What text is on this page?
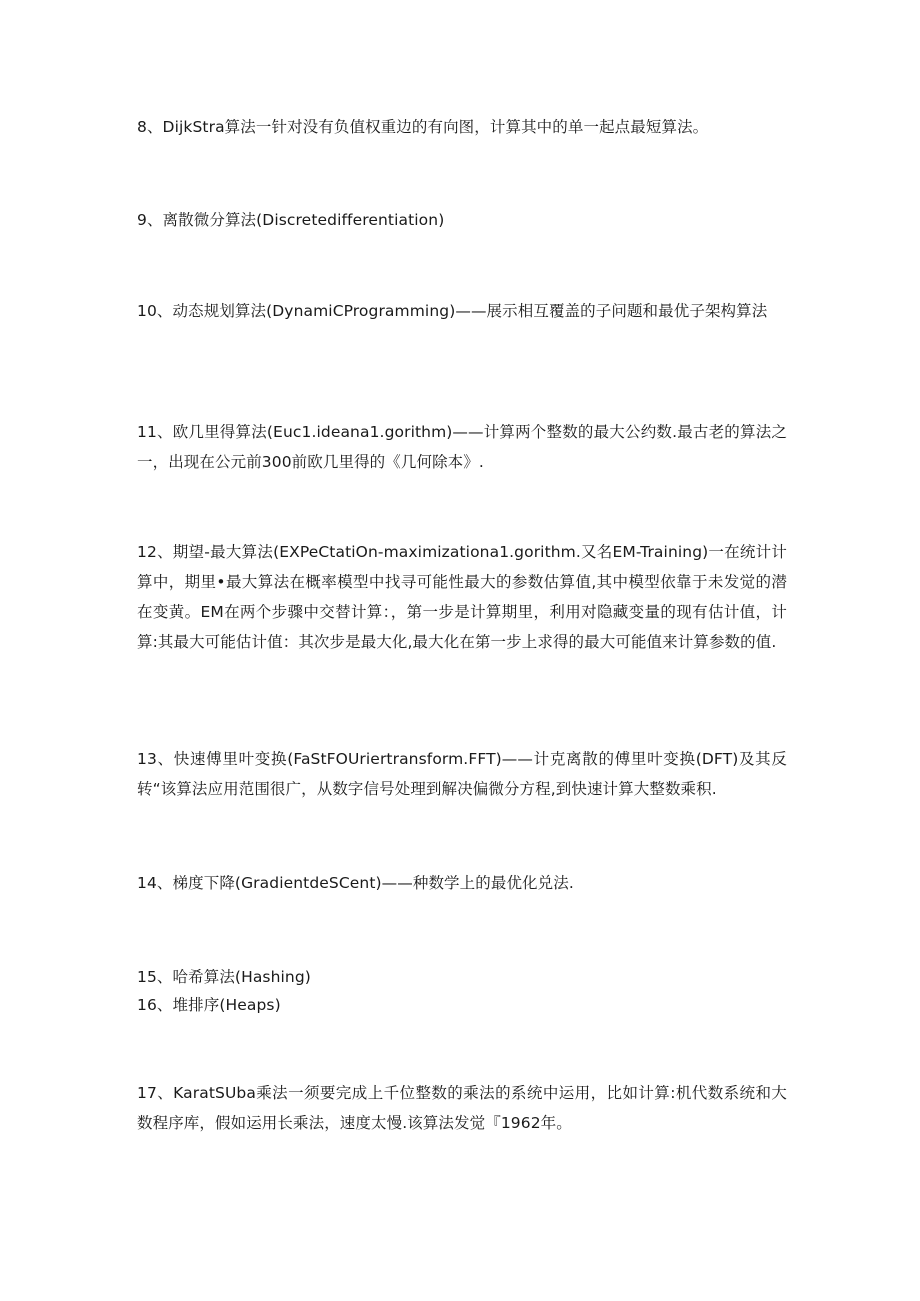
8、DijkStra算法一针对没有负值权重边的有向图，计算其中的单一起点最短算法。

9、离散微分算法(Discretedifferentiation)

10、动态规划算法(DynamiCProgramming)——展示相互覆盖的子问题和最优子架构算法

11、欧几里得算法(Euc1.ideana1.gorithm)——计算两个整数的最大公约数.最古老的算法之一，出现在公元前300前欧几里得的《几何除本》.

12、期望-最大算法(EXPeCtatiOn-maximizationa1.gorithm.又名EM-Training)一在统计计算中，期里•最大算法在概率模型中找寻可能性最大的参数估算值,其中模型依靠于未发觉的潜在变黄。EM在两个步骤中交替计算：，第一步是计算期里，利用对隐藏变量的现有估计值，计算:其最大可能估计值：其次步是最大化,最大化在第一步上求得的最大可能值来计算参数的值.

13、快速傅里叶变换(FaStFOUriertransform.FFT)——计克离散的傅里叶变换(DFT)及其反转“该算法应用范围很广，从数字信号处理到解决偏微分方程,到快速计算大整数乘积.

14、梯度下降(GradientdeSCent)——种数学上的最优化兑法.

15、哈希算法(Hashing)

16、堆排序(Heaps)

17、KaratSUba乘法一须要完成上千位整数的乘法的系统中运用，比如计算:机代数系统和大数程序库，假如运用长乘法，速度太慢.该算法发觉『1962年。
